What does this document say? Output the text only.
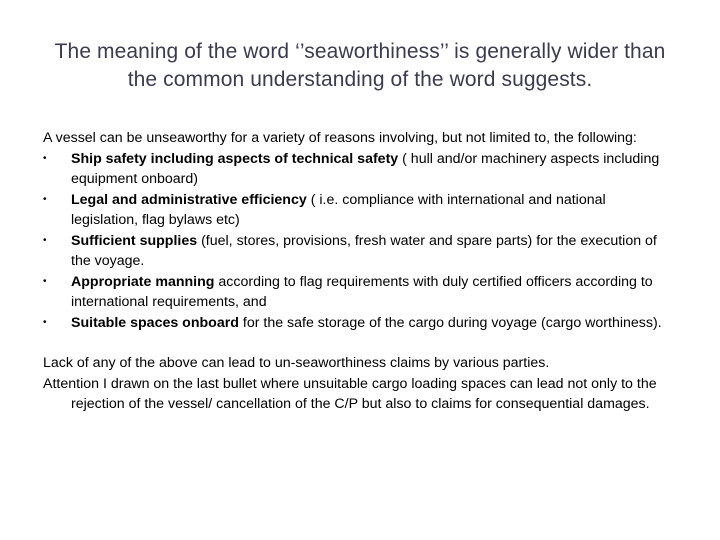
The meaning of the word ‘’seaworthiness’’ is generally wider than the common understanding of the word suggests.

A vessel can be unseaworthy for a variety of reasons involving, but not limited to, the following:

•	Ship safety including aspects of technical safety ( hull and/or machinery aspects including equipment onboard)
•	Legal and administrative efficiency ( i.e. compliance with international and national legislation, flag bylaws etc)
•	Sufficient supplies (fuel, stores, provisions, fresh water and spare parts) for the execution of the voyage.
•	Appropriate manning according to flag requirements with duly certified officers according to international requirements, and
•	Suitable spaces onboard for the safe storage of the cargo during voyage (cargo worthiness).

Lack of any of the above can lead to un-seaworthiness claims by various parties.

Attention I drawn on the last bullet where unsuitable cargo loading spaces can lead not only to the rejection of the vessel/ cancellation of the C/P but also to claims for consequential damages.
